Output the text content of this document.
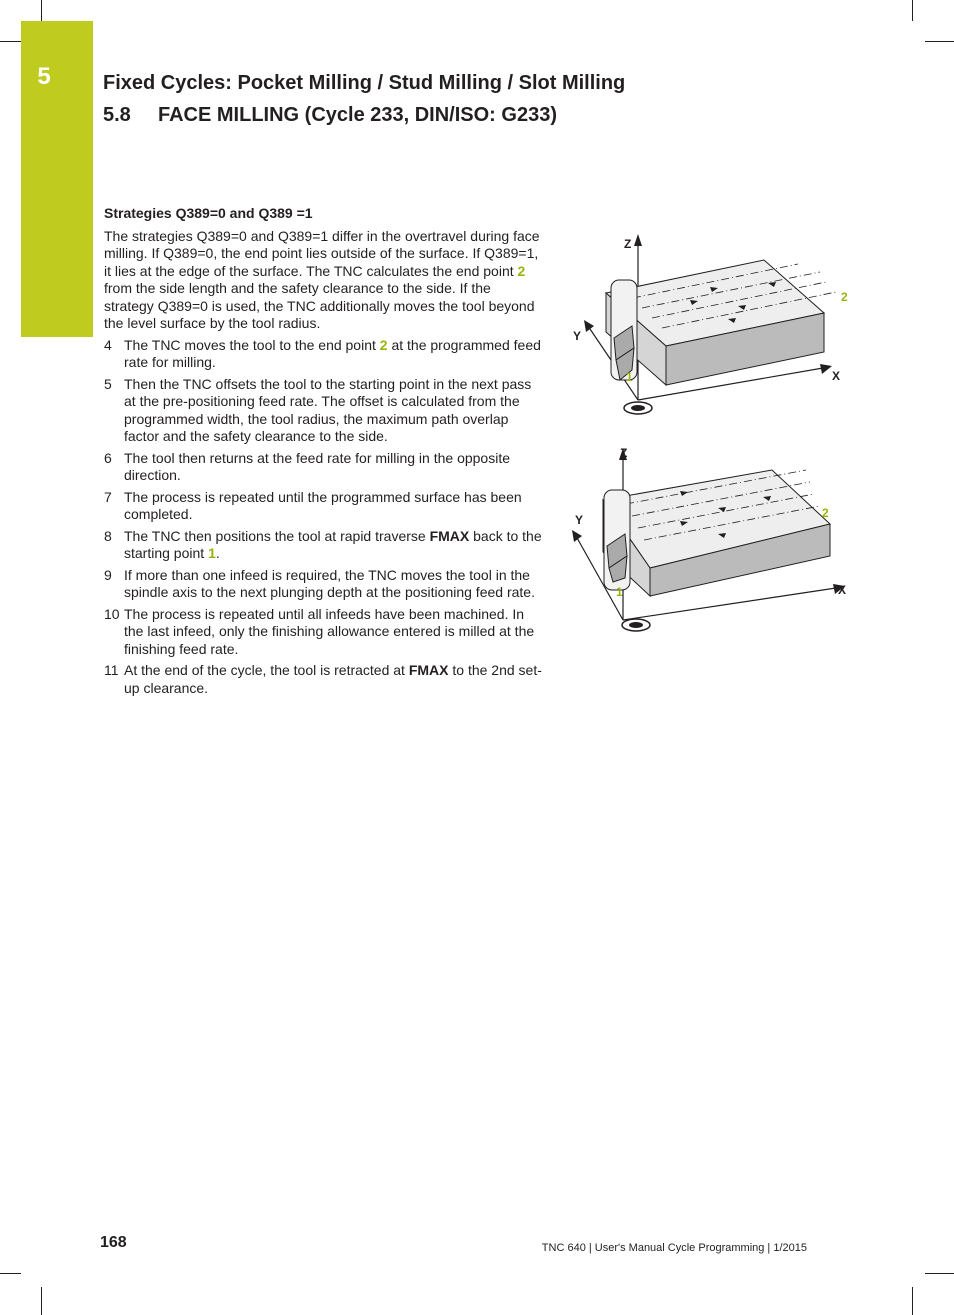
5	Fixed Cycles: Pocket Milling / Stud Milling / Slot Milling
5.8 FACE MILLING (Cycle 233, DIN/ISO: G233)
Strategies Q389=0 and Q389 =1

The strategies Q389=0 and Q389=1 differ in the overtravel during face milling. If Q389=0, the end point lies outside of the surface. If Q389=1, it lies at the edge of the surface. The TNC calculates the end point 2 from the side length and the safety clearance to the side. If the strategy Q389=0 is used, the TNC additionally moves the tool beyond the level surface by the tool radius.

4 The TNC moves the tool to the end point 2 at the programmed feed rate for milling.
5 Then the TNC offsets the tool to the starting point in the next pass at the pre-positioning feed rate. The offset is calculated from the programmed width, the tool radius, the maximum path overlap factor and the safety clearance to the side.
6 The tool then returns at the feed rate for milling in the opposite direction.
7 The process is repeated until the programmed surface has been completed.
8 The TNC then positions the tool at rapid traverse FMAX back to the starting point 1.
9 If more than one infeed is required, the TNC moves the tool in the spindle axis to the next plunging depth at the positioning feed rate.
10 The process is repeated until all infeeds have been machined. In the last infeed, only the finishing allowance entered is milled at the finishing feed rate.
11 At the end of the cycle, the tool is retracted at FMAX to the 2nd set-up clearance.
Z
Y
X
1
2
Z
Y
X
1
2
168	TNC 640 | User's Manual Cycle Programming | 1/2015
